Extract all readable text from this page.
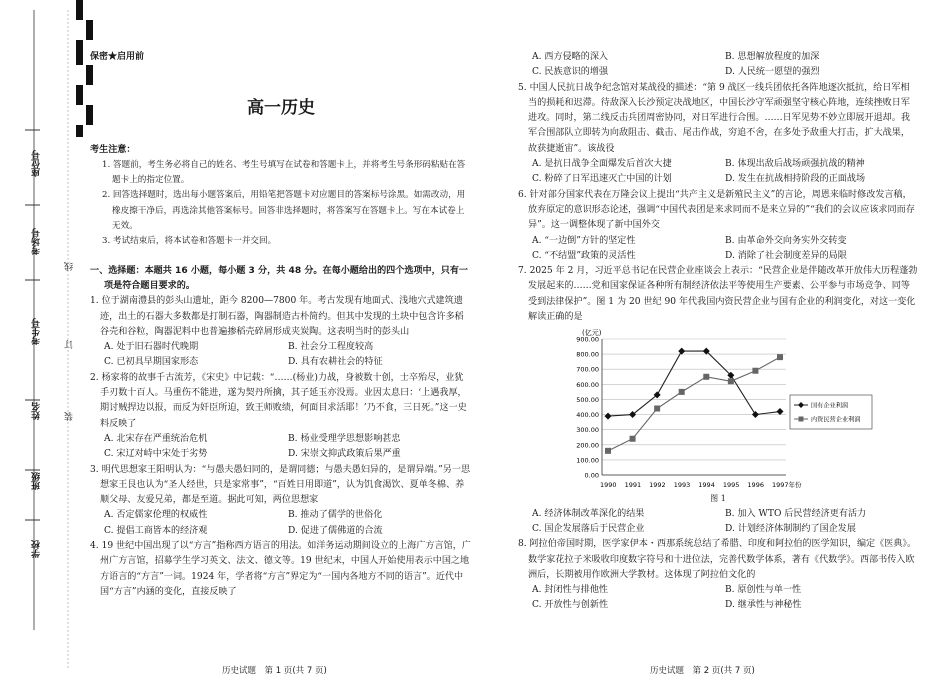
座位号
考场号
考生号
姓名
班级
学校
线
订
装

保密★启用前

高一历史

考生注意：

1. 答题前，考生务必将自己的姓名、考生号填写在试卷和答题卡上，并将考生号条形码粘贴在答题卡上的指定位置。

2. 回答选择题时，选出每小题答案后，用铅笔把答题卡对应题目的答案标号涂黑。如需改动，用橡皮擦干净后，再选涂其他答案标号。回答非选择题时，将答案写在答题卡上。写在本试卷上无效。

3. 考试结束后，将本试卷和答题卡一并交回。

一、选择题：本题共 16 小题，每小题 3 分，共 48 分。在每小题给出的四个选项中，只有一项是符合题目要求的。

1. 位于湖南澧县的彭头山遗址，距今 8200—7800 年。考古发现有地面式、浅地穴式建筑遗迹，出土的石器大多数都是打制石器，陶器制造古朴简约。但其中发现的土块中包含许多稻谷壳和谷粒，陶器泥料中也普遍掺稻壳碎屑形成夹炭陶。这表明当时的彭头山

A. 处于旧石器时代晚期	B. 社会分工程度较高
C. 已初具早期国家形态	D. 具有农耕社会的特征

2. 杨家将的故事千古流芳，《宋史》中记载：“……(杨业)力战，身被数十创，士卒殆尽，业犹手刃数十百人。马重伤不能进，遂为契丹所擒，其子延玉亦没焉。业因太息曰：‘上遇我厚，期讨贼捍边以报，而反为奸臣所迫，致王师败绩，何面目求活耶！’乃不食，三日死。”这一史料反映了

A. 北宋存在严重统治危机	B. 杨业受理学思想影响甚忠
C. 宋辽对峙中宋处于劣势	D. 宋崇文抑武政策后果严重

3. 明代思想家王阳明认为：“与愚夫愚妇同的，是谓同德；与愚夫愚妇异的，是谓异端。”另一思想家王艮也认为“圣人经世，只是家常事”，“百姓日用即道”，认为饥食渴饮、夏单冬棉、养顺父母、友爱兄弟，都是至道。据此可知，两位思想家

A. 否定儒家伦理的权威性	B. 推动了儒学的世俗化
C. 提倡工商皆本的经济观	D. 促进了儒佛道的合流

4. 19 世纪中国出现了以“方言”指称西方语言的用法。如洋务运动期间设立的上海广方言馆，广州广方言馆，招募学生学习英文、法文、德文等。19 世纪末，中国人开始使用表示中国之地方语言的“方言”一词。1924 年，学者将“方言”界定为“一国内各地方不同的语言”。近代中国“方言”内涵的变化，直接反映了

历史试题　第 1 页(共 7 页)
A. 西方侵略的深入	B. 思想解放程度的加深
C. 民族意识的增强	D. 人民统一愿望的强烈

5. 中国人民抗日战争纪念馆对某战役的描述：“第 9 战区一线兵团依托各阵地逐次抵抗，给日军相当的损耗和迟滞。待敌深入长沙预定决战地区，中国长沙守军顽强坚守核心阵地，连续挫败日军进攻。同时，第二线反击兵团周密协同，对日军进行合围。……日军见势不妙立即展开退却。我军合围部队立即转为向敌阻击、截击、尾击作战，穷追不舍，在多处予敌重大打击，扩大战果，故获捷逝宙”。该战役

A. 是抗日战争全面爆发后首次大捷	B. 体现出敌后战场顽强抗战的精神
C. 粉碎了日军迅速灭亡中国的计划	D. 发生在抗战相持阶段的正面战场

6. 针对部分国家代表在万隆会议上提出“共产主义是新殖民主义”的言论，周恩来临时修改发言稿，放弃原定的意识形态论述，强调“中国代表团是来求同而不是来立异的”“我们的会议应该求同而存异”。这一调整体现了新中国外交

A. “一边倒”方针的坚定性	B. 由革命外交向务实外交转变
C. “不结盟”政策的灵活性	D. 消除了社会制度差异的局限

7. 2025 年 2 月，习近平总书记在民营企业座谈会上表示：“民营企业是伴随改革开放伟大历程蓬勃发展起来的……党和国家保证各种所有制经济依法平等使用生产要素、公平参与市场竞争、同等受到法律保护”。图 1 为 20 世纪 90 年代我国内资民营企业与国有企业的利润变化，对这一变化解读正确的是

(亿元)
900.00
800.00
700.00
600.00
500.00
400.00
300.00
200.00
100.00
0.00
1990 1991 1992 1993 1994 1995 1996 1997年份
国有企业利润
内资民营企业利润

图 1

A. 经济体制改革深化的结果	B. 加入 WTO 后民营经济更有活力
C. 国企发展落后于民营企业	D. 计划经济体制制约了国企发展

8. 阿拉伯帝国时期，医学家伊本・西那系统总结了希腊、印度和阿拉伯的医学知识，编定《医典》。数学家花拉子米吸收印度数字符号和十进位法，完善代数学体系，著有《代数学》。西部书传入欧洲后，长期被用作欧洲大学教材。这体现了阿拉伯文化的

A. 封闭性与排他性	B. 原创性与单一性
C. 开放性与创新性	D. 继承性与神秘性
历史试题　第 2 页(共 7 页)
